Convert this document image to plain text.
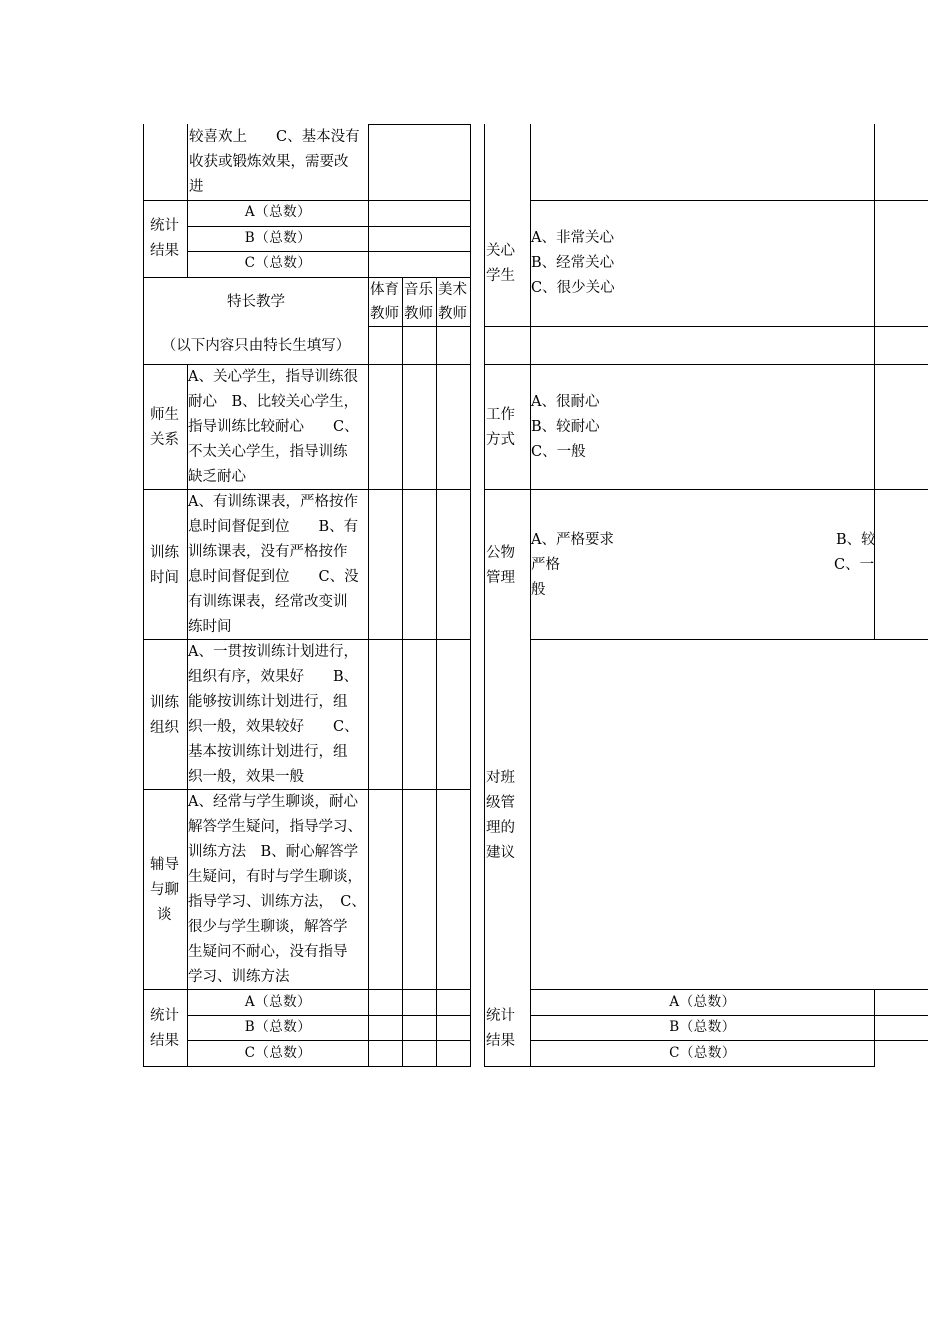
较喜欢上　　C、基本没有
收获或锻炼效果，需要改
进
统计
结果
A（总数）
B（总数）
C（总数）
特长教学
（以下内容只由特长生填写）
体育
教师
音乐
教师
美术
教师
师生
关系
A、关心学生，指导训练很
耐心　B、比较关心学生，
指导训练比较耐心　　C、
不太关心学生，指导训练
缺乏耐心
训练
时间
A、有训练课表，严格按作
息时间督促到位　　B、有
训练课表，没有严格按作
息时间督促到位　　C、没
有训练课表，经常改变训
练时间
训练
组织
A、一贯按训练计划进行，
组织有序，效果好　　B、
能够按训练计划进行，组
织一般，效果较好　　C、
基本按训练计划进行，组
织一般，效果一般
辅导
与聊
谈
A、经常与学生聊谈，耐心
解答学生疑问，指导学习、
训练方法　B、耐心解答学
生疑问，有时与学生聊谈，
指导学习、训练方法，　C、
很少与学生聊谈，解答学
生疑问不耐心，没有指导
学习、训练方法
统计
结果
A（总数）
B（总数）
C（总数）
关心
学生
A、非常关心
B、经常关心
C、很少关心
工作
方式
A、很耐心
B、较耐心
C、一般
公物
管理
A、严格要求	B、较
严格	C、一
般
对班
级管
理的
建议
统计
结果
A（总数）
B（总数）
C（总数）
